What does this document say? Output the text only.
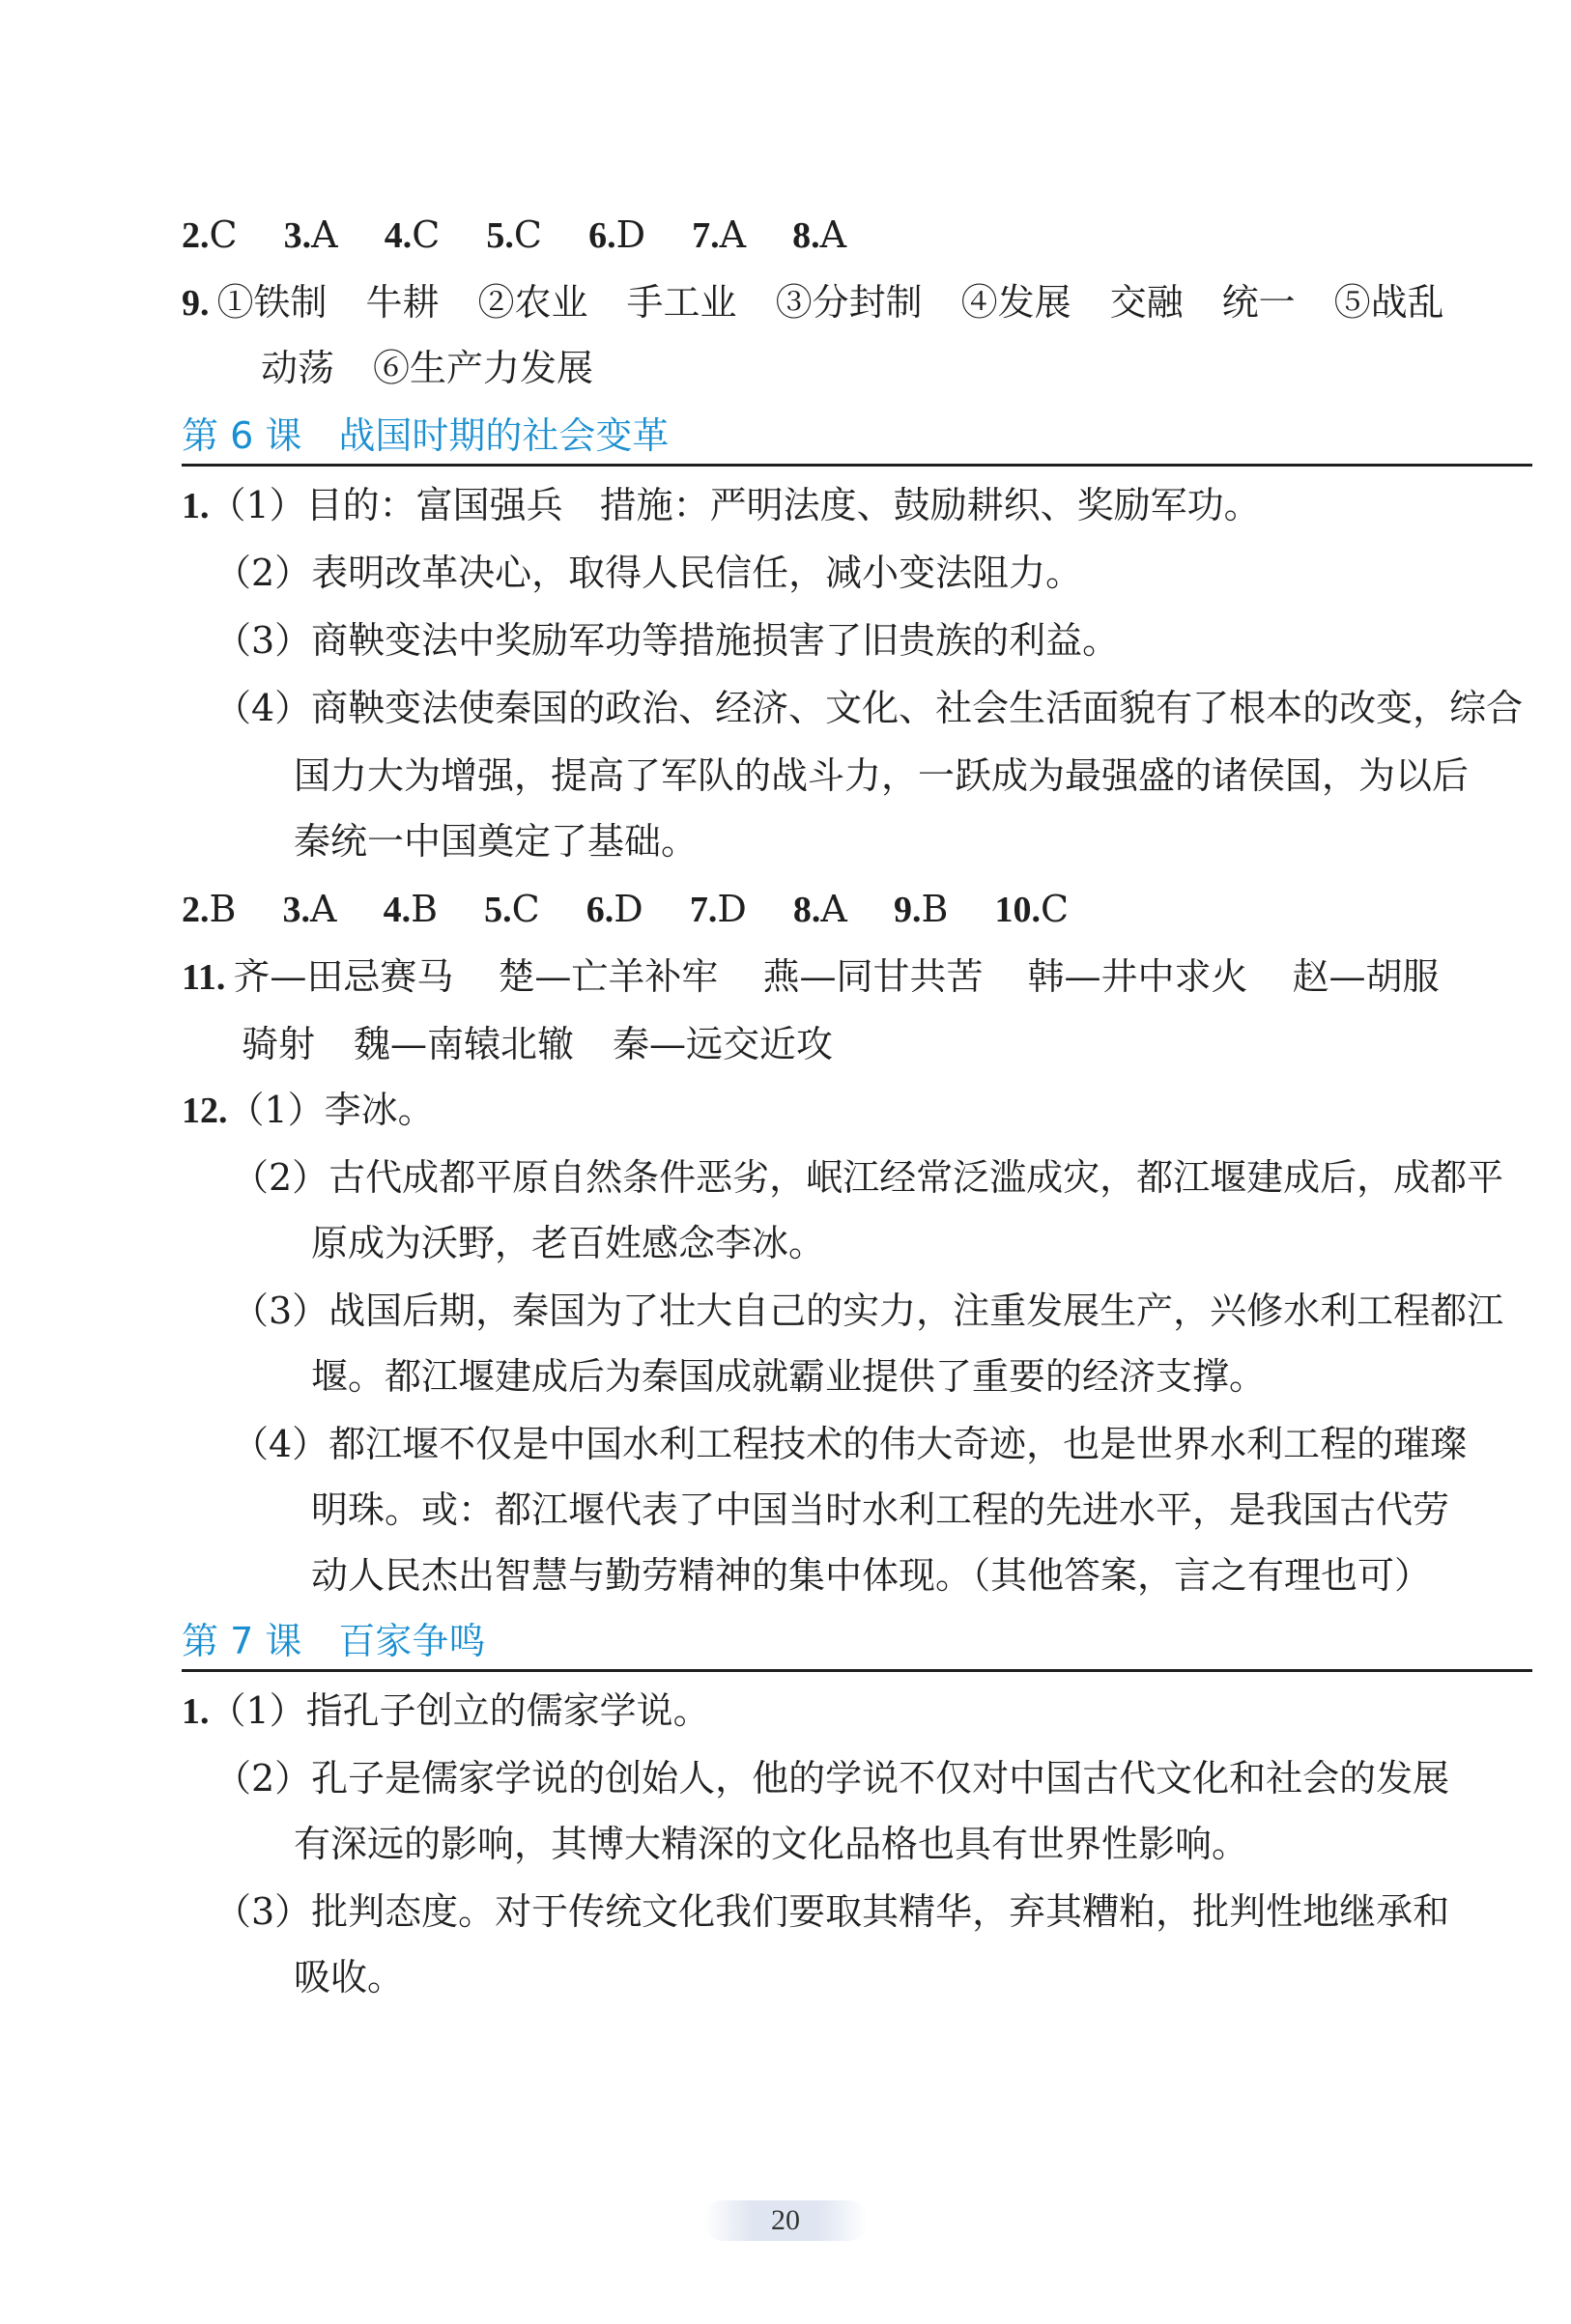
2.C 3.A 4.C 5.C 6.D 7.A 8.A
9. ①铁制 牛耕 ②农业 手工业 ③分封制 ④发展 交融 统一 ⑤战乱
动荡 ⑥生产力发展
第 6 课 战国时期的社会变革
1.（1）目的：富国强兵　措施：严明法度、鼓励耕织、奖励军功。
（2）表明改革决心，取得人民信任，减小变法阻力。
（3）商鞅变法中奖励军功等措施损害了旧贵族的利益。
（4）商鞅变法使秦国的政治、经济、文化、社会生活面貌有了根本的改变，综合
国力大为增强，提高了军队的战斗力，一跃成为最强盛的诸侯国，为以后
秦统一中国奠定了基础。
2.B 3.A 4.B 5.C 6.D 7.D 8.A 9.B 10.C
11. 齐—田忌赛马 楚—亡羊补牢 燕—同甘共苦 韩—井中求火 赵—胡服
骑射 魏—南辕北辙 秦—远交近攻
12.（1）李冰。
（2）古代成都平原自然条件恶劣，岷江经常泛滥成灾，都江堰建成后，成都平
原成为沃野，老百姓感念李冰。
（3）战国后期，秦国为了壮大自己的实力，注重发展生产，兴修水利工程都江
堰。都江堰建成后为秦国成就霸业提供了重要的经济支撑。
（4）都江堰不仅是中国水利工程技术的伟大奇迹，也是世界水利工程的璀璨
明珠。或：都江堰代表了中国当时水利工程的先进水平，是我国古代劳
动人民杰出智慧与勤劳精神的集中体现。（其他答案，言之有理也可）
第 7 课 百家争鸣
1.（1）指孔子创立的儒家学说。
（2）孔子是儒家学说的创始人，他的学说不仅对中国古代文化和社会的发展
有深远的影响，其博大精深的文化品格也具有世界性影响。
（3）批判态度。对于传统文化我们要取其精华，弃其糟粕，批判性地继承和
吸收。
20
